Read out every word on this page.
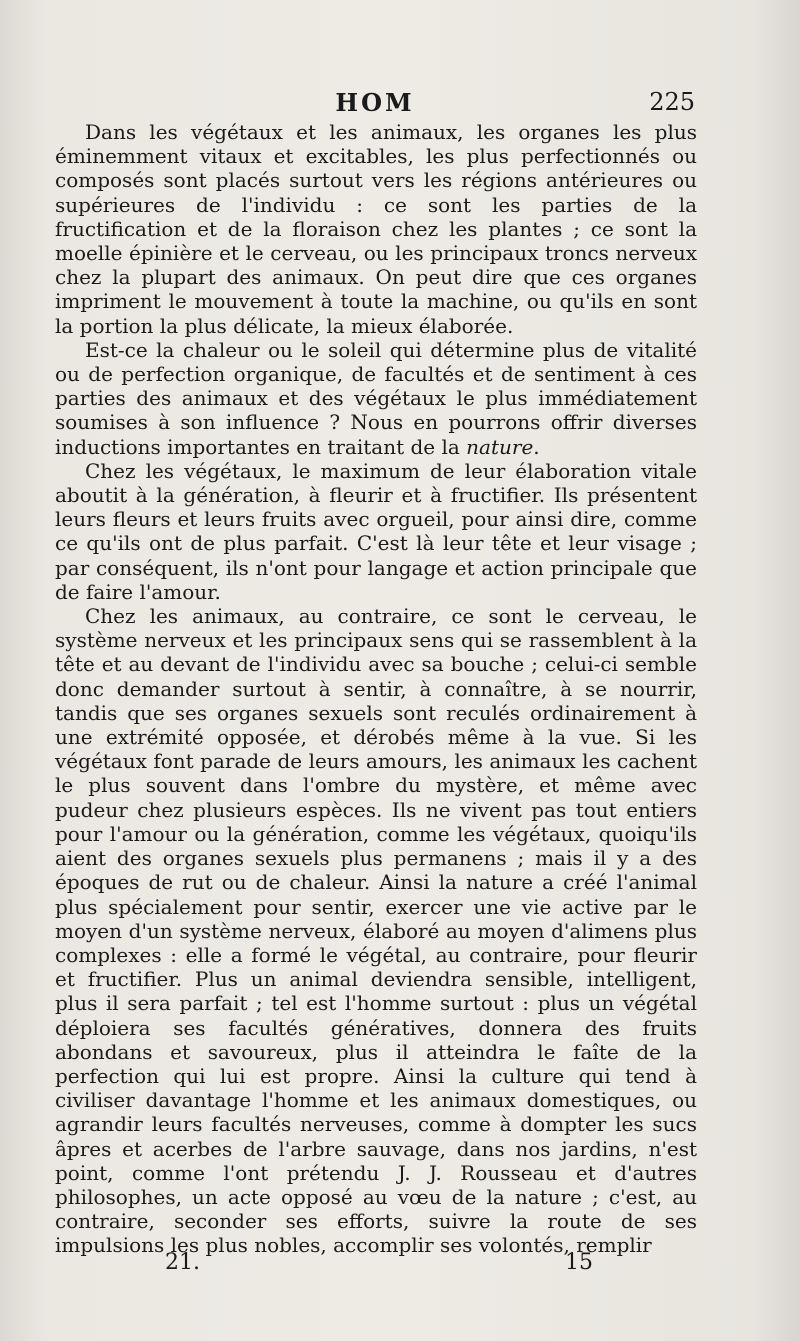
HOM	225

Dans les végétaux et les animaux, les organes les plus éminemment vitaux et excitables, les plus perfectionnés ou composés sont placés surtout vers les régions antérieures ou supérieures de l'individu : ce sont les parties de la fructification et de la floraison chez les plantes ; ce sont la moelle épinière et le cerveau, ou les principaux troncs nerveux chez la plupart des animaux. On peut dire que ces organes impriment le mouvement à toute la machine, ou qu'ils en sont la portion la plus délicate, la mieux élaborée.

Est-ce la chaleur ou le soleil qui détermine plus de vitalité ou de perfection organique, de facultés et de sentiment à ces parties des animaux et des végétaux le plus immédiatement soumises à son influence ? Nous en pourrons offrir diverses inductions importantes en traitant de la nature.

Chez les végétaux, le maximum de leur élaboration vitale aboutit à la génération, à fleurir et à fructifier. Ils présentent leurs fleurs et leurs fruits avec orgueil, pour ainsi dire, comme ce qu'ils ont de plus parfait. C'est là leur tête et leur visage ; par conséquent, ils n'ont pour langage et action principale que de faire l'amour.

Chez les animaux, au contraire, ce sont le cerveau, le système nerveux et les principaux sens qui se rassemblent à la tête et au devant de l'individu avec sa bouche ; celui-ci semble donc demander surtout à sentir, à connaître, à se nourrir, tandis que ses organes sexuels sont reculés ordinairement à une extrémité opposée, et dérobés même à la vue. Si les végétaux font parade de leurs amours, les animaux les cachent le plus souvent dans l'ombre du mystère, et même avec pudeur chez plusieurs espèces. Ils ne vivent pas tout entiers pour l'amour ou la génération, comme les végétaux, quoiqu'ils aient des organes sexuels plus permanens ; mais il y a des époques de rut ou de chaleur. Ainsi la nature a créé l'animal plus spécialement pour sentir, exercer une vie active par le moyen d'un système nerveux, élaboré au moyen d'alimens plus complexes : elle a formé le végétal, au contraire, pour fleurir et fructifier. Plus un animal deviendra sensible, intelligent, plus il sera parfait ; tel est l'homme surtout : plus un végétal déploiera ses facultés génératives, donnera des fruits abondans et savoureux, plus il atteindra le faîte de la perfection qui lui est propre. Ainsi la culture qui tend à civiliser davantage l'homme et les animaux domestiques, ou agrandir leurs facultés nerveuses, comme à dompter les sucs âpres et acerbes de l'arbre sauvage, dans nos jardins, n'est point, comme l'ont prétendu J. J. Rousseau et d'autres philosophes, un acte opposé au vœu de la nature ; c'est, au contraire, seconder ses efforts, suivre la route de ses impulsions les plus nobles, accomplir ses volontés, remplir

21.	15
